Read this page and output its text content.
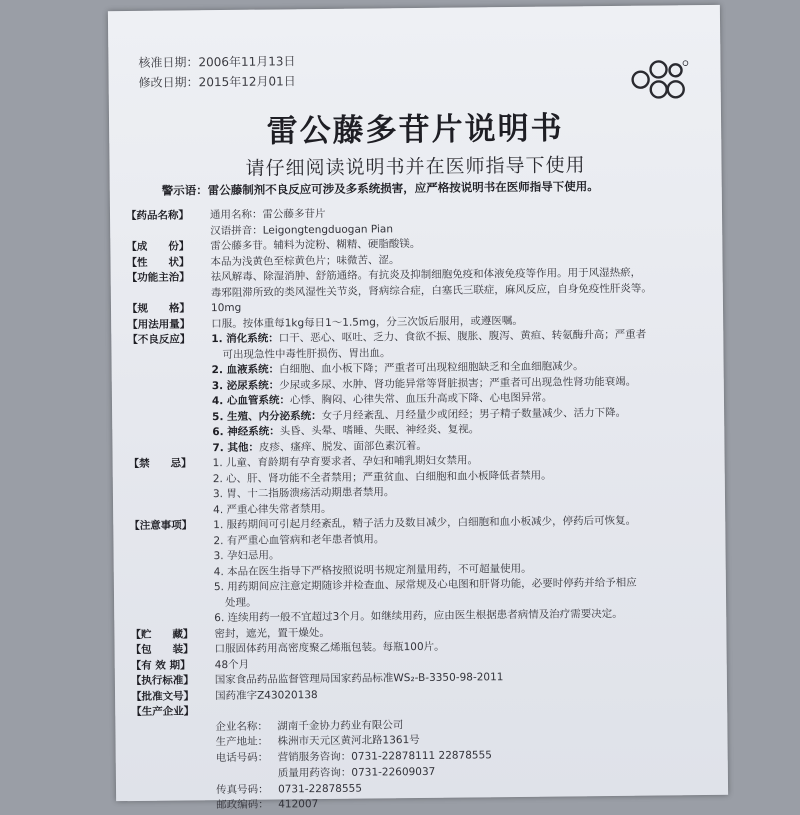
核准日期：2006年11月13日
修改日期：2015年12月01日
雷公藤多苷片说明书
请仔细阅读说明书并在医师指导下使用
警示语：雷公藤制剂不良反应可涉及多系统损害，应严格按说明书在医师指导下使用。
【药品名称】	通用名称：雷公藤多苷片
汉语拼音：Leigongtengduogan Pian
【成　　份】	雷公藤多苷。辅料为淀粉、糊精、硬脂酸镁。
【性　　状】	本品为浅黄色至棕黄色片；味微苦、涩。
【功能主治】	祛风解毒、除湿消肿、舒筋通络。有抗炎及抑制细胞免疫和体液免疫等作用。用于风湿热瘀，
毒邪阻滞所致的类风湿性关节炎，肾病综合症，白塞氏三联症，麻风反应，自身免疫性肝炎等。
【规　　格】	10mg
【用法用量】	口服。按体重每1kg每日1～1.5mg，分三次饭后服用，或遵医嘱。
【不良反应】	1. 消化系统：口干、恶心、呕吐、乏力、食欲不振、腹胀、腹泻、黄疸、转氨酶升高；严重者
可出现急性中毒性肝损伤、胃出血。
2. 血液系统：白细胞、血小板下降；严重者可出现粒细胞缺乏和全血细胞减少。
3. 泌尿系统：少尿或多尿、水肿、肾功能异常等肾脏损害；严重者可出现急性肾功能衰竭。
4. 心血管系统：心悸、胸闷、心律失常、血压升高或下降、心电图异常。
5. 生殖、内分泌系统：女子月经紊乱、月经量少或闭经；男子精子数量减少、活力下降。
6. 神经系统：头昏、头晕、嗜睡、失眠、神经炎、复视。
7. 其他：皮疹、瘙痒、脱发、面部色素沉着。
【禁　　忌】	1. 儿童、育龄期有孕育要求者、孕妇和哺乳期妇女禁用。
2. 心、肝、肾功能不全者禁用；严重贫血、白细胞和血小板降低者禁用。
3. 胃、十二指肠溃疡活动期患者禁用。
4. 严重心律失常者禁用。
【注意事项】	1. 服药期间可引起月经紊乱，精子活力及数目减少，白细胞和血小板减少，停药后可恢复。
2. 有严重心血管病和老年患者慎用。
3. 孕妇忌用。
4. 本品在医生指导下严格按照说明书规定剂量用药，不可超量使用。
5. 用药期间应注意定期随诊并检查血、尿常规及心电图和肝肾功能，必要时停药并给予相应
处理。
6. 连续用药一般不宜超过3个月。如继续用药，应由医生根据患者病情及治疗需要决定。
【贮　　藏】	密封，遮光，置干燥处。
【包　　装】	口服固体药用高密度聚乙烯瓶包装。每瓶100片。
【有 效 期】	48个月
【执行标准】	国家食品药品监督管理局国家药品标准WS₂-B-3350-98-2011
【批准文号】	国药准字Z43020138
【生产企业】
企业名称： 湖南千金协力药业有限公司
生产地址： 株洲市天元区黄河北路1361号
电话号码： 营销服务咨询：0731-22878111 22878555
质量用药咨询：0731-22609037
传真号码： 0731-22878555
邮政编码： 412007
